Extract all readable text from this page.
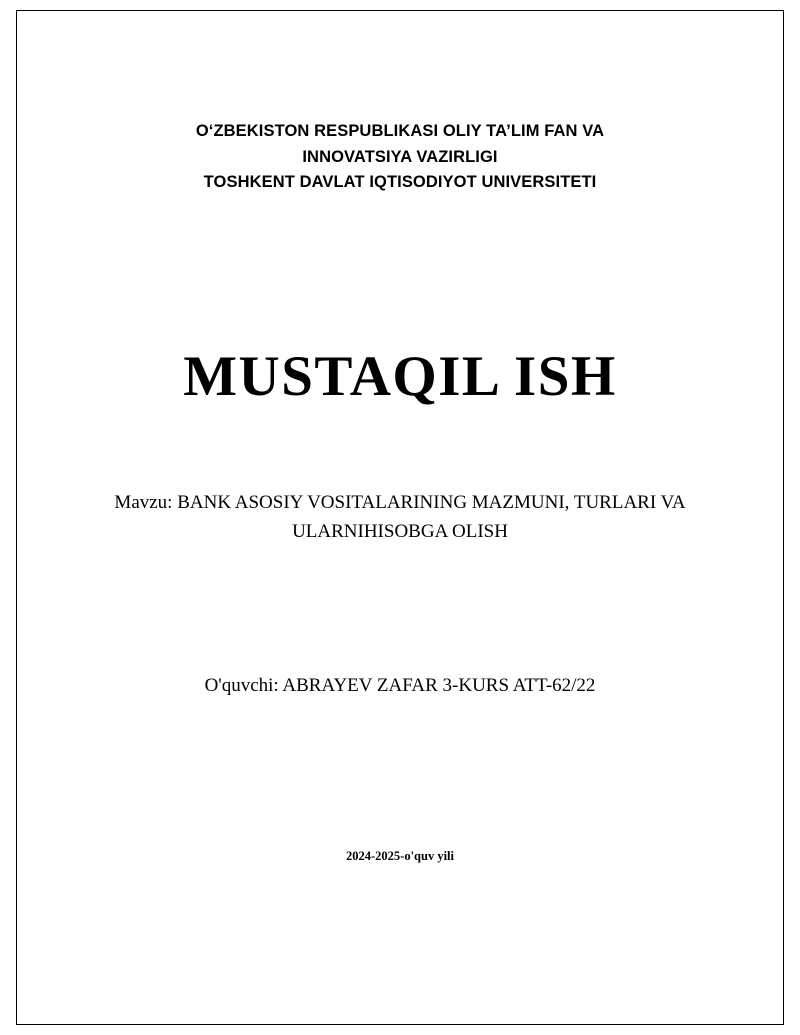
O‘ZBEKISTON RESPUBLIKASI OLIY TA’LIM FAN VA
INNOVATSIYA VAZIRLIGI
TOSHKENT DAVLAT IQTISODIYOT UNIVERSITETI
MUSTAQIL ISH
Mavzu: BANK ASOSIY VOSITALARINING MAZMUNI, TURLARI VA
ULARNIHISOBGA OLISH
O'quvchi: ABRAYEV ZAFAR 3-KURS ATT-62/22
2024-2025-o'quv yili
